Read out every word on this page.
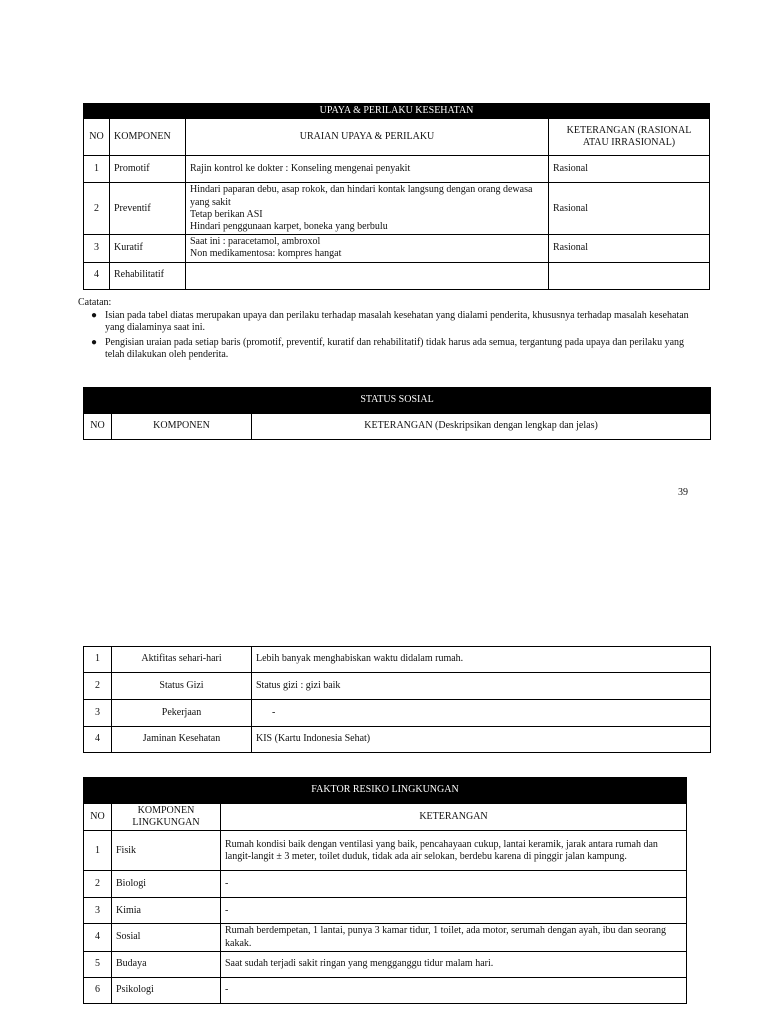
UPAYA & PERILAKU KESEHATAN			
NO	KOMPONEN	URAIAN UPAYA & PERILAKU	KETERANGAN (RASIONAL ATAU IRRASIONAL)
1	Promotif	Rajin kontrol ke dokter : Konseling mengenai penyakit	Rasional
2	Preventif	Hindari paparan debu, asap rokok, dan hindari kontak langsung dengan orang dewasa yang sakit
Tetap berikan ASI
Hindari penggunaan karpet, boneka yang berbulu	Rasional
3	Kuratif	Saat ini : paracetamol, ambroxol
Non medikamentosa: kompres hangat	Rasional
4	Rehabilitatif		
Catatan:
● Isian pada tabel diatas merupakan upaya dan perilaku terhadap masalah kesehatan yang dialami penderita, khususnya terhadap masalah kesehatan yang dialaminya saat ini.
● Pengisian uraian pada setiap baris (promotif, preventif, kuratif dan rehabilitatif) tidak harus ada semua, tergantung pada upaya dan perilaku yang telah dilakukan oleh penderita.
STATUS SOSIAL
NO	KOMPONEN	KETERANGAN (Deskripsikan dengan lengkap dan jelas)
39
1	Aktifitas sehari-hari	Lebih banyak menghabiskan waktu didalam rumah.
2	Status Gizi	Status gizi : gizi baik
3	Pekerjaan	-
4	Jaminan Kesehatan	KIS (Kartu Indonesia Sehat)
FAKTOR RESIKO LINGKUNGAN		
NO	KOMPONEN LINGKUNGAN	KETERANGAN
1	Fisik	Rumah kondisi baik dengan ventilasi yang baik, pencahayaan cukup, lantai keramik, jarak antara rumah dan langit-langit ± 3 meter, toilet duduk, tidak ada air selokan, berdebu karena di pinggir jalan kampung.
2	Biologi	-
3	Kimia	-
4	Sosial	Rumah berdempetan, 1 lantai, punya 3 kamar tidur, 1 toilet, ada motor, serumah dengan ayah, ibu dan seorang kakak.
5	Budaya	Saat sudah terjadi sakit ringan yang mengganggu tidur malam hari.
6	Psikologi	-
